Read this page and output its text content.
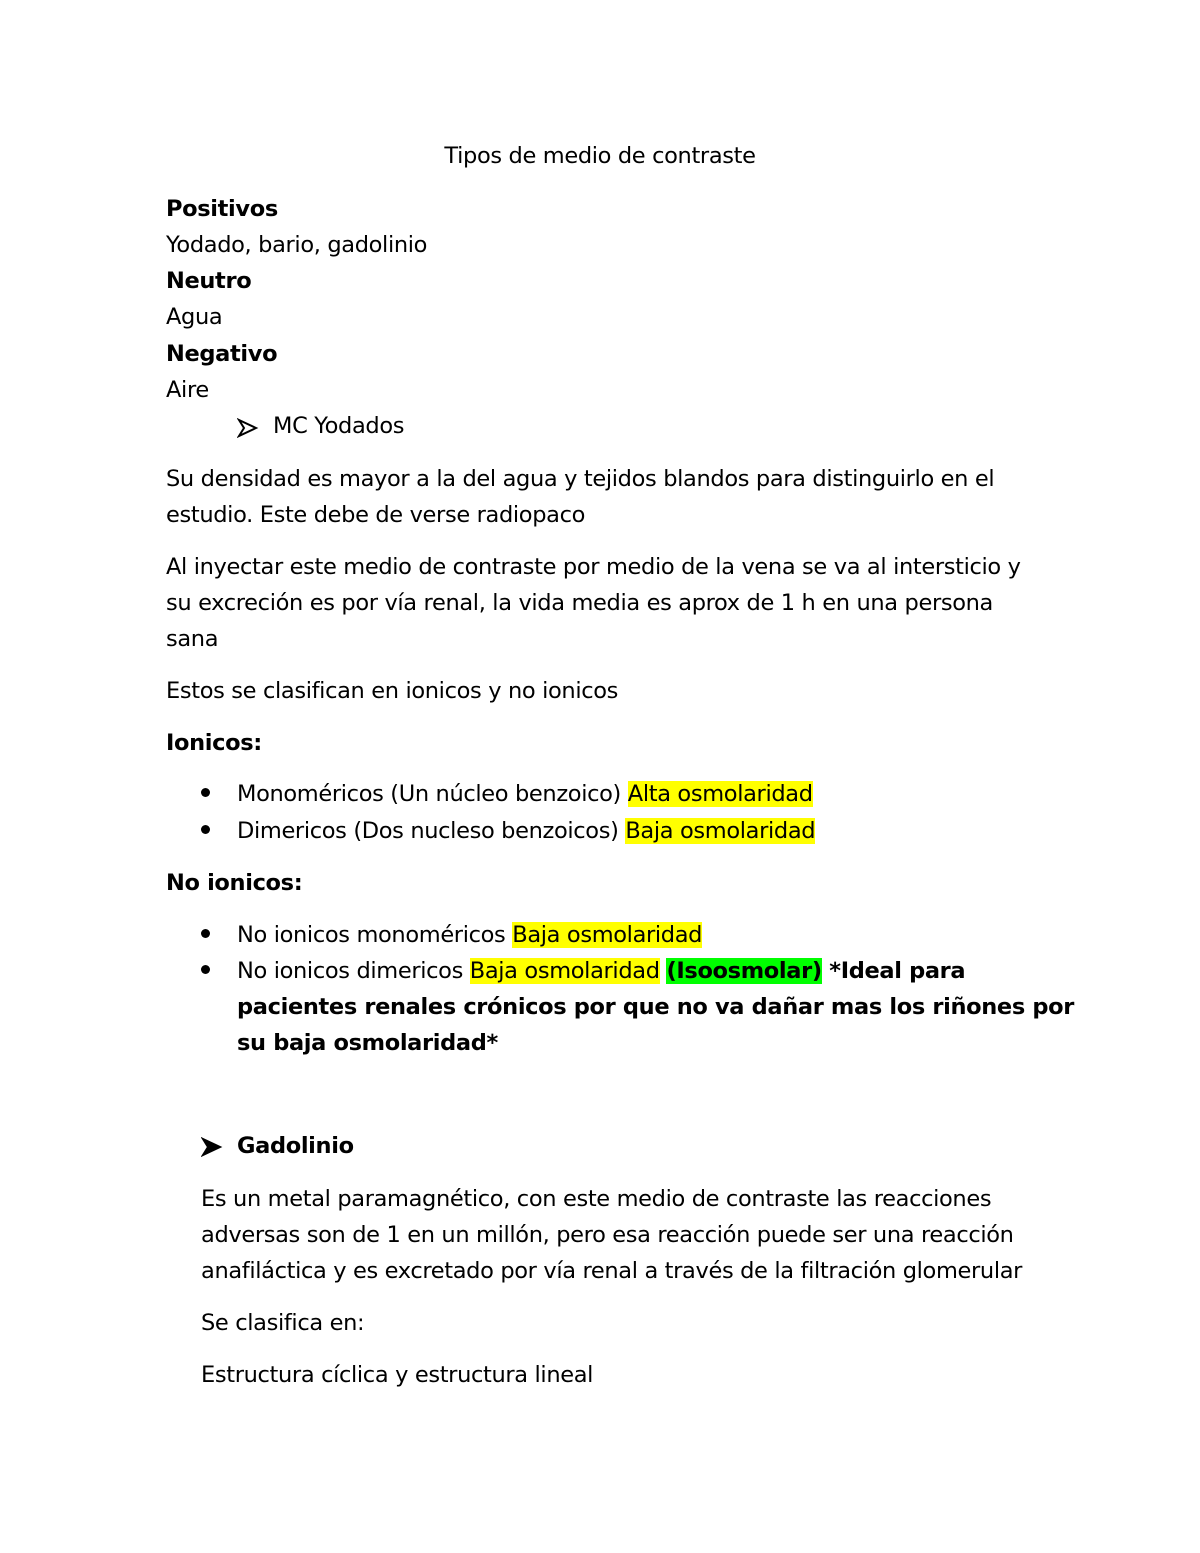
Tipos de medio de contraste
Positivos
Yodado, bario, gadolinio
Neutro
Agua
Negativo
Aire
MC Yodados
Su densidad es mayor a la del agua y tejidos blandos para distinguirlo en el
estudio. Este debe de verse radiopaco
Al inyectar este medio de contraste por medio de la vena se va al intersticio y
su excreción es por vía renal, la vida media es aprox de 1 h en una persona
sana
Estos se clasifican en ionicos y no ionicos
Ionicos:
Monoméricos (Un núcleo benzoico) Alta osmolaridad
Dimericos (Dos nucleso benzoicos) Baja osmolaridad
No ionicos:
No ionicos monoméricos Baja osmolaridad
No ionicos dimericos Baja osmolaridad (Isoosmolar) *Ideal para
pacientes renales crónicos por que no va dañar mas los riñones por
su baja osmolaridad*
Gadolinio
Es un metal paramagnético, con este medio de contraste las reacciones
adversas son de 1 en un millón, pero esa reacción puede ser una reacción
anafiláctica y es excretado por vía renal a través de la filtración glomerular
Se clasifica en:
Estructura cíclica y estructura lineal
